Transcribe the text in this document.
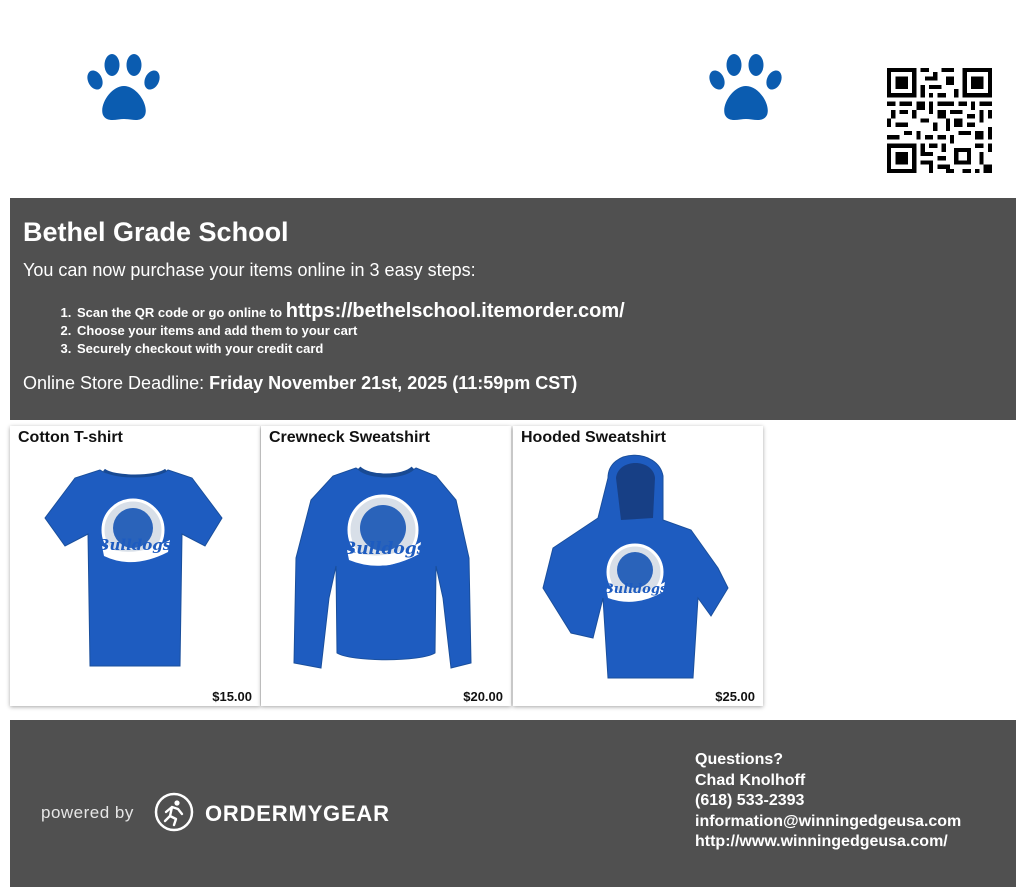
Bethel Grade School
You can now purchase your items online in 3 easy steps:
1. Scan the QR code or go online to https://bethelschool.itemorder.com/
2. Choose your items and add them to your cart
3. Securely checkout with your credit card
Online Store Deadline: Friday November 21st, 2025 (11:59pm CST)
Cotton T-shirt
Bulldogs
$15.00
Crewneck Sweatshirt
Bulldogs
$20.00
Hooded Sweatshirt
Bulldogs
$25.00
powered by	ORDERMYGEAR
Questions?
Chad Knolhoff
(618) 533-2393
information@winningedgeusa.com
http://www.winningedgeusa.com/
